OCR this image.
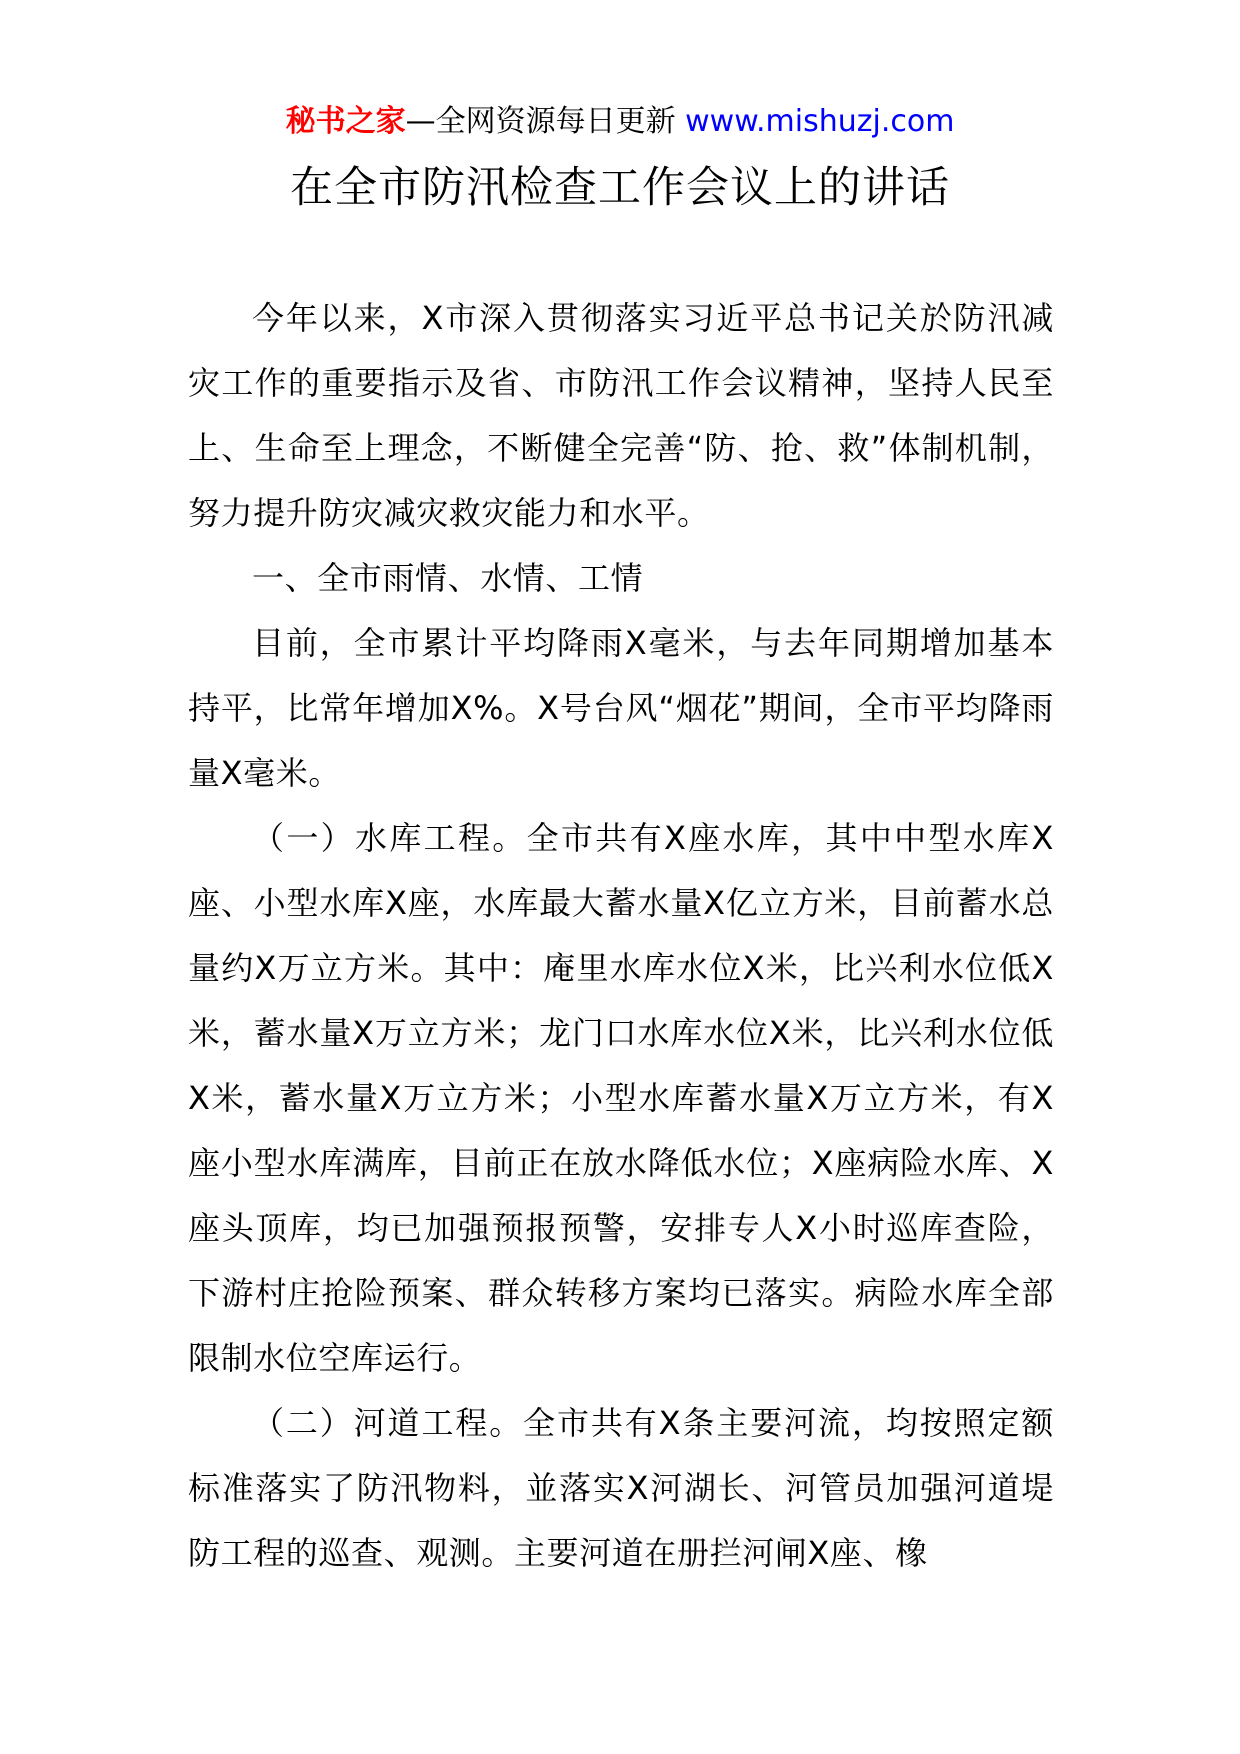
秘书之家—全网资源每日更新 www.mishuzj.com
在全市防汛检查工作会议上的讲话

今年以来，X市深入贯彻落实习近平总书记关於防汛减灾工作的重要指示及省、市防汛工作会议精神，坚持人民至上、生命至上理念，不断健全完善“防、抢、救”体制机制，努力提升防灾减灾救灾能力和水平。

一、全市雨情、水情、工情

目前，全市累计平均降雨X毫米，与去年同期增加基本持平，比常年增加X%。X号台风“烟花”期间，全市平均降雨量X毫米。

（一）水库工程。全市共有X座水库，其中中型水库X座、小型水库X座，水库最大蓄水量X亿立方米，目前蓄水总量约X万立方米。其中：庵里水库水位X米，比兴利水位低X米，蓄水量X万立方米；龙门口水库水位X米，比兴利水位低X米，蓄水量X万立方米；小型水库蓄水量X万立方米，有X座小型水库满库，目前正在放水降低水位；X座病险水库、X座头顶库，均已加强预报预警，安排专人X小时巡库查险，下游村庄抢险预案、群众转移方案均已落实。病险水库全部限制水位空库运行。

（二）河道工程。全市共有X条主要河流，均按照定额标准落实了防汛物料，並落实X河湖长、河管员加强河道堤防工程的巡查、观测。主要河道在册拦河闸X座、橡
